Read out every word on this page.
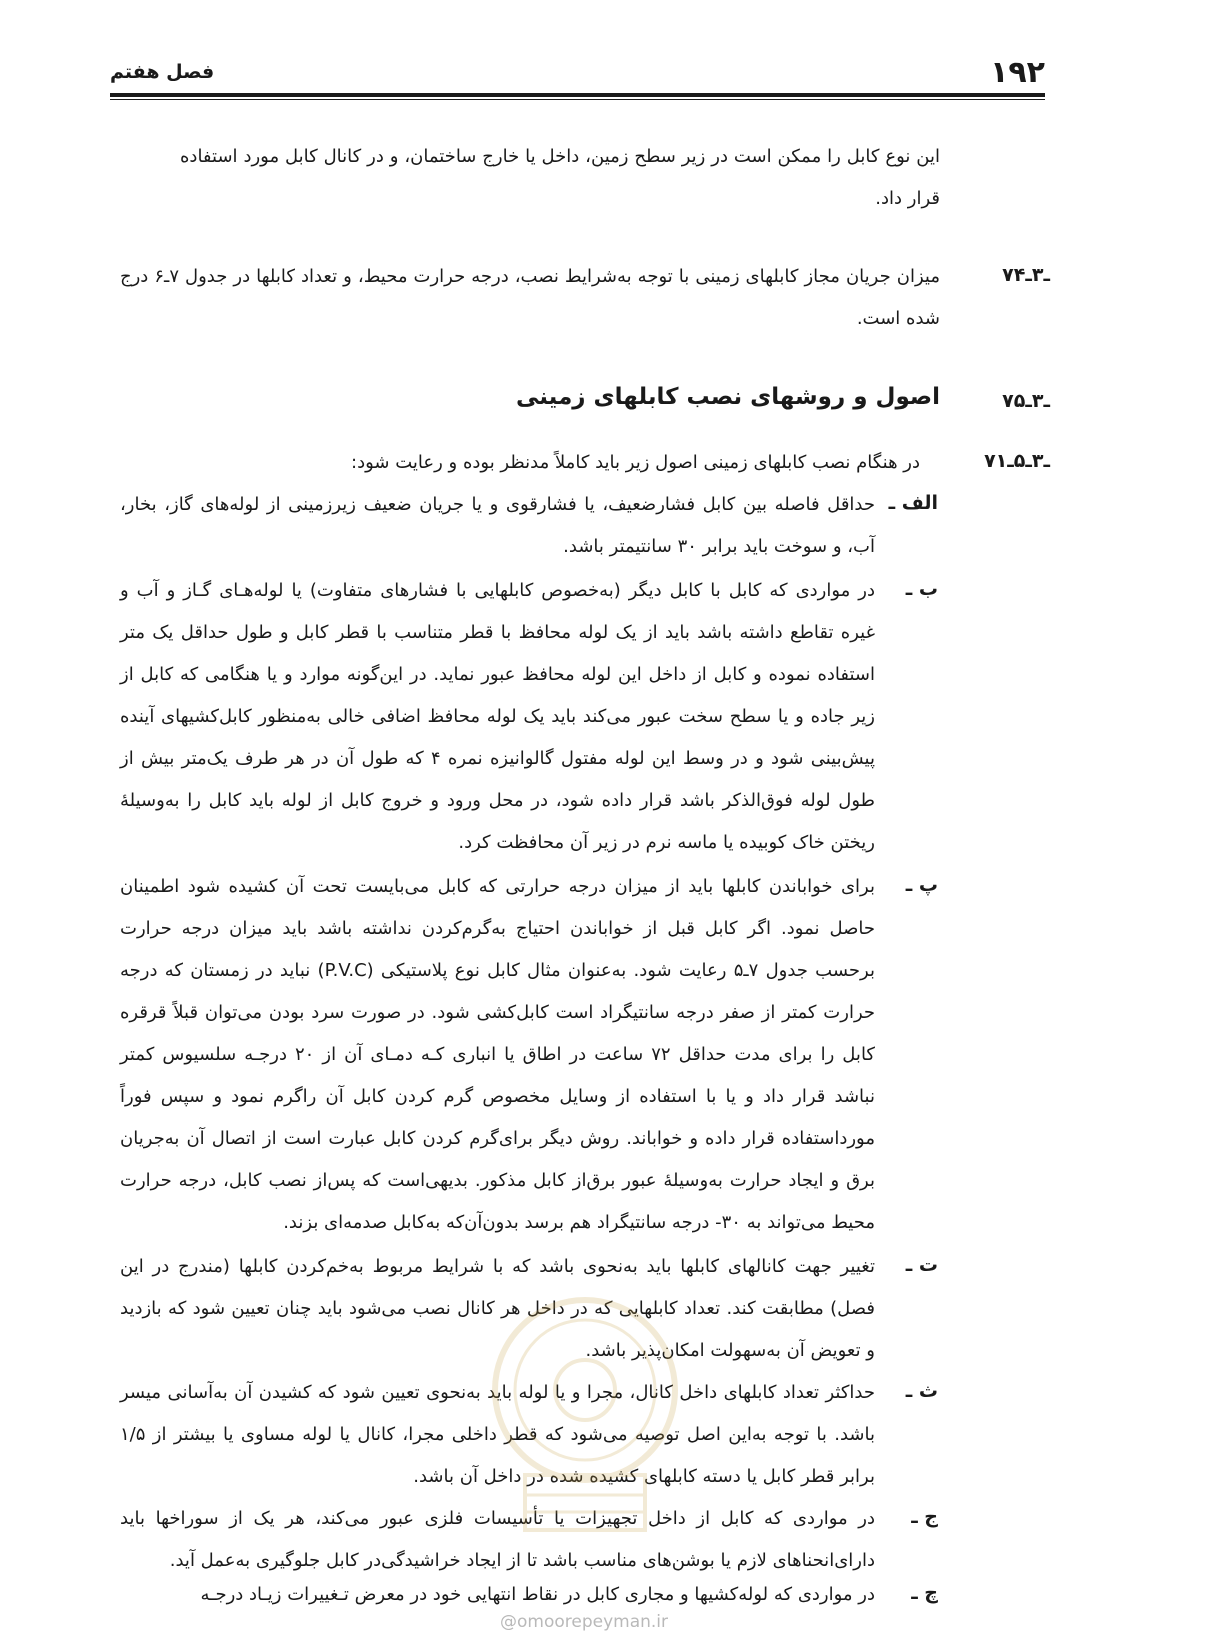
۱۹۲
فصل هفتم
این نوع کابل را ممکن است در زیر سطح زمین، داخل یا خارج ساختمان، و در کانال کابل مورد استفاده قرار داد.
۷ـ۳ـ۴
میزان جریان مجاز کابلهای زمینی با توجه به‌شرایط نصب، درجه حرارت محیط، و تعداد کابلها در جدول ۷ـ۶ درج شده است.
۷ـ۳ـ۵
اصول و روشهای نصب کابلهای زمینی
۷ـ۳ـ۵ـ۱
در هنگام نصب کابلهای زمینی اصول زیر باید کاملاً مدنظر بوده و رعایت شود:
الف ـ
حداقل فاصله بین کابل فشارضعیف، یا فشارقوی و یا جریان ضعیف زیرزمینی از لوله‌های گاز، بخار، آب، و سوخت باید برابر ۳۰ سانتیمتر باشد.
ب ـ
در مواردی که کابل با کابل دیگر (به‌خصوص کابلهایی با فشارهای متفاوت) یا لوله‌هـای گـاز و آب و غیره تقاطع داشته باشد باید از یک لوله محافظ با قطر متناسب با قطر کابل و طول حداقل یک متر استفاده نموده و کابل از داخل این لوله محافظ عبور نماید. در این‌گونه موارد و یا هنگامی که کابل از زیر جاده و یا سطح سخت عبور می‌کند باید یک لوله محافظ اضافی خالی به‌منظور کابل‌کشیهای آینده پیش‌بینی شود و در وسط این لوله مفتول گالوانیزه نمره ۴ که طول آن در هر طرف یک‌متر بیش از طول لوله فوق‌الذکر باشد قرار داده شود، در محل ورود و خروج کابل از لوله باید کابل را به‌وسیلهٔ ریختن خاک کوبیده یا ماسه نرم در زیر آن محافظت کرد.
پ ـ
برای خواباندن کابلها باید از میزان درجه حرارتی که کابل می‌بایست تحت آن کشیده شود اطمینان حاصل نمود. اگر کابل قبل از خواباندن احتیاج به‌گرم‌کردن نداشته باشد باید میزان درجه حرارت برحسب جدول ۷ـ۵ رعایت شود. به‌عنوان مثال کابل نوع پلاستیکی (P.V.C) نباید در زمستان که درجه حرارت کمتر از صفر درجه سانتیگراد است کابل‌کشی شود. در صورت سرد بودن می‌توان قبلاً قرقره کابل را برای مدت حداقل ۷۲ ساعت در اطاق یا انباری کـه دمـای آن از ۲۰ درجـه سلسیوس کمتر نباشد قرار داد و یا با استفاده از وسایل مخصوص گرم کردن کابل آن راگرم نمود و سپس فوراً مورداستفاده قرار داده و خواباند. روش دیگر برای‌گرم کردن کابل عبارت است از اتصال آن به‌جریان برق و ایجاد حرارت به‌وسیلهٔ عبور برق‌از کابل مذکور. بدیهی‌است که پس‌از نصب کابل، درجه حرارت محیط می‌تواند به ۳۰- درجه سانتیگراد هم برسد بدون‌آن‌که به‌کابل صدمه‌ای بزند.
ت ـ
تغییر جهت کانالهای کابلها باید به‌نحوی باشد که با شرایط مربوط به‌خم‌کردن کابلها (مندرج در این فصل) مطابقت کند. تعداد کابلهایی که در داخل هر کانال نصب می‌شود باید چنان تعیین شود که بازدید و تعویض آن به‌سهولت امکان‌پذیر باشد.
ث ـ
حداکثر تعداد کابلهای داخل کانال، مجرا و یا لوله باید به‌نحوی تعیین شود که کشیدن آن به‌آسانی میسر باشد. با توجه به‌این اصل توصیه می‌شود که قطر داخلی مجرا، کانال یا لوله مساوی یا بیشتر از ۱/۵ برابر قطر کابل یا دسته کابلهای کشیده شده در داخل آن باشد.
ج ـ
در مواردی که کابل از داخل تجهیزات یا تأسیسات فلزی عبور می‌کند، هر یک از سوراخها باید دارای‌انحناهای لازم یا بوشن‌های مناسب باشد تا از ایجاد خراشیدگی‌در کابل جلوگیری به‌عمل آید.
چ ـ
در مواردی که لوله‌کشیها و مجاری کابل در نقاط انتهایی خود در معرض تـغییرات زیـاد درجـه
@omoorepeyman.ir
